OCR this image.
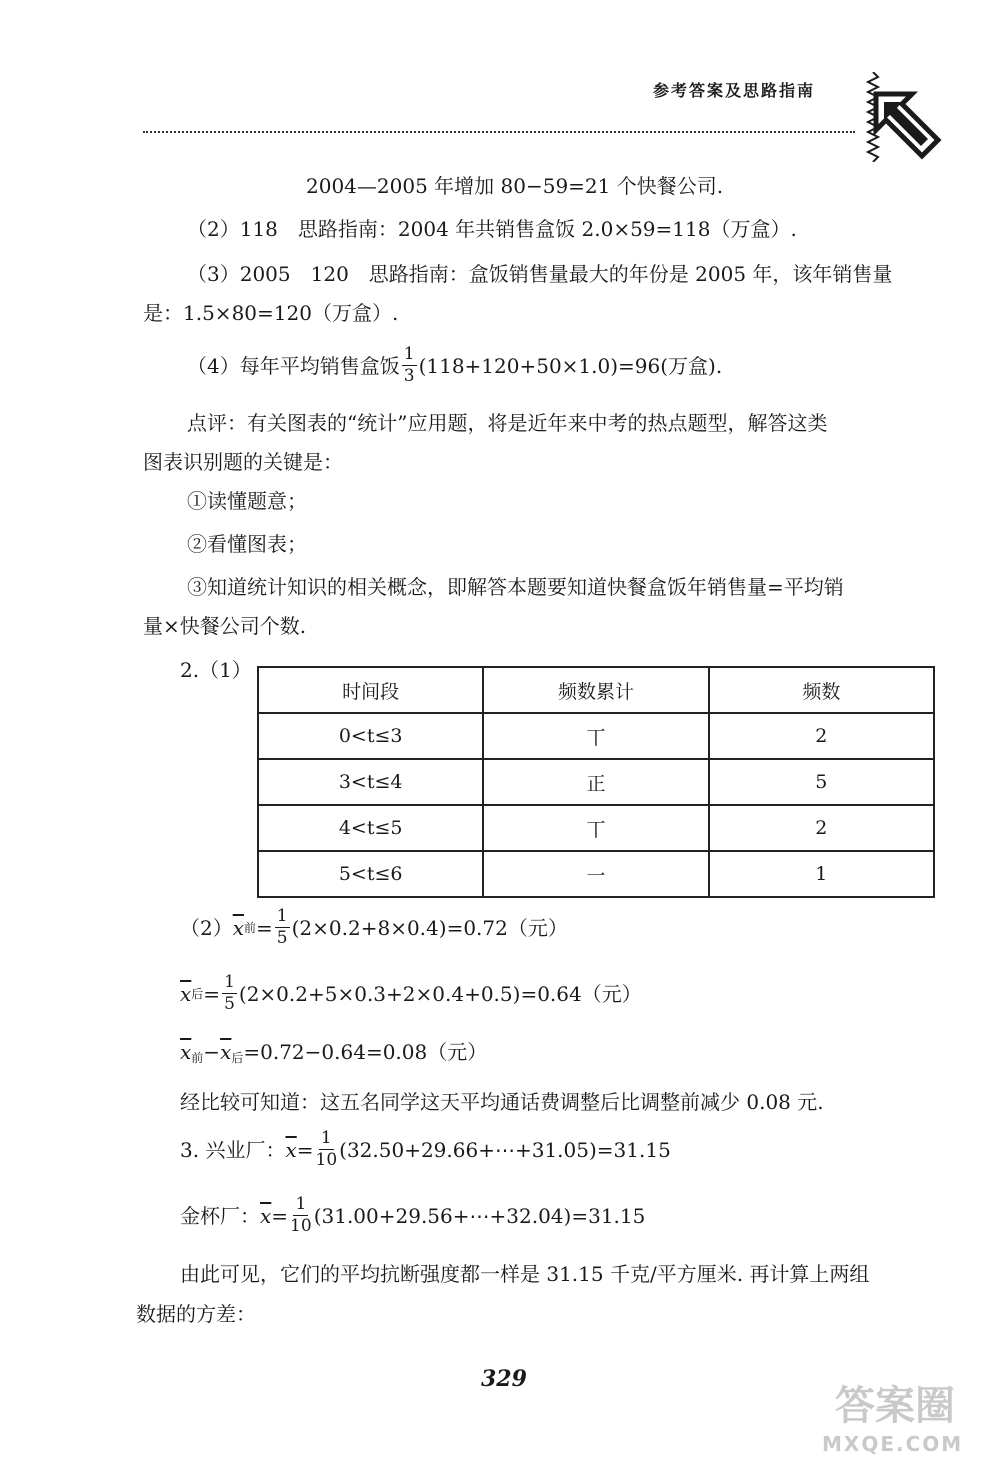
参考答案及思路指南
2004—2005 年增加 80−59=21 个快餐公司.
（2）118　思路指南：2004 年共销售盒饭 2.0×59=118（万盒）.
（3）2005　120　思路指南：盒饭销售量最大的年份是 2005 年，该年销售量
是：1.5×80=120（万盒）.
（4）每年平均销售盒饭 $\frac{1}{3} (118+120+50\times 1.0)=96$(万盒).
点评：有关图表的“统计”应用题，将是近年来中考的热点题型，解答这类
图表识别题的关键是：
①读懂题意；
②看懂图表；
③知道统计知识的相关概念，即解答本题要知道快餐盒饭年销售量=平均销
量×快餐公司个数.
2.（1）
时间段	频数累计	频数
0<t≤3	丅	2
3<t≤4	正	5
4<t≤5	丅	2
5<t≤6	一	1
（2） $\overline{x}$ 前 = $\frac{1}{5} (2\times 0.2+8\times 0.4)=0.72$（元）
$\overline{x}$ 后 = $\frac{1}{5} (2\times 0.2+5\times 0.3+2\times 0.4+0.5)=0.64$（元）
$\overline{x}_前-\overline{x}_后=0.72-0.64=0.08$（元）
经比较可知道：这五名同学这天平均通话费调整后比调整前减少 0.08 元.
3. 兴业厂： $\overline{x} = \frac{1}{10}$ (32.50+29.66+⋯+31.05)=31.15
金杯厂： $\overline{x} = \frac{1}{10}$ (31.00+29.56+⋯+32.04)=31.15
由此可见，它们的平均抗断强度都一样是 31.15 千克/平方厘米. 再计算上两组
数据的方差：
329
答案圈
MXQE.COM
